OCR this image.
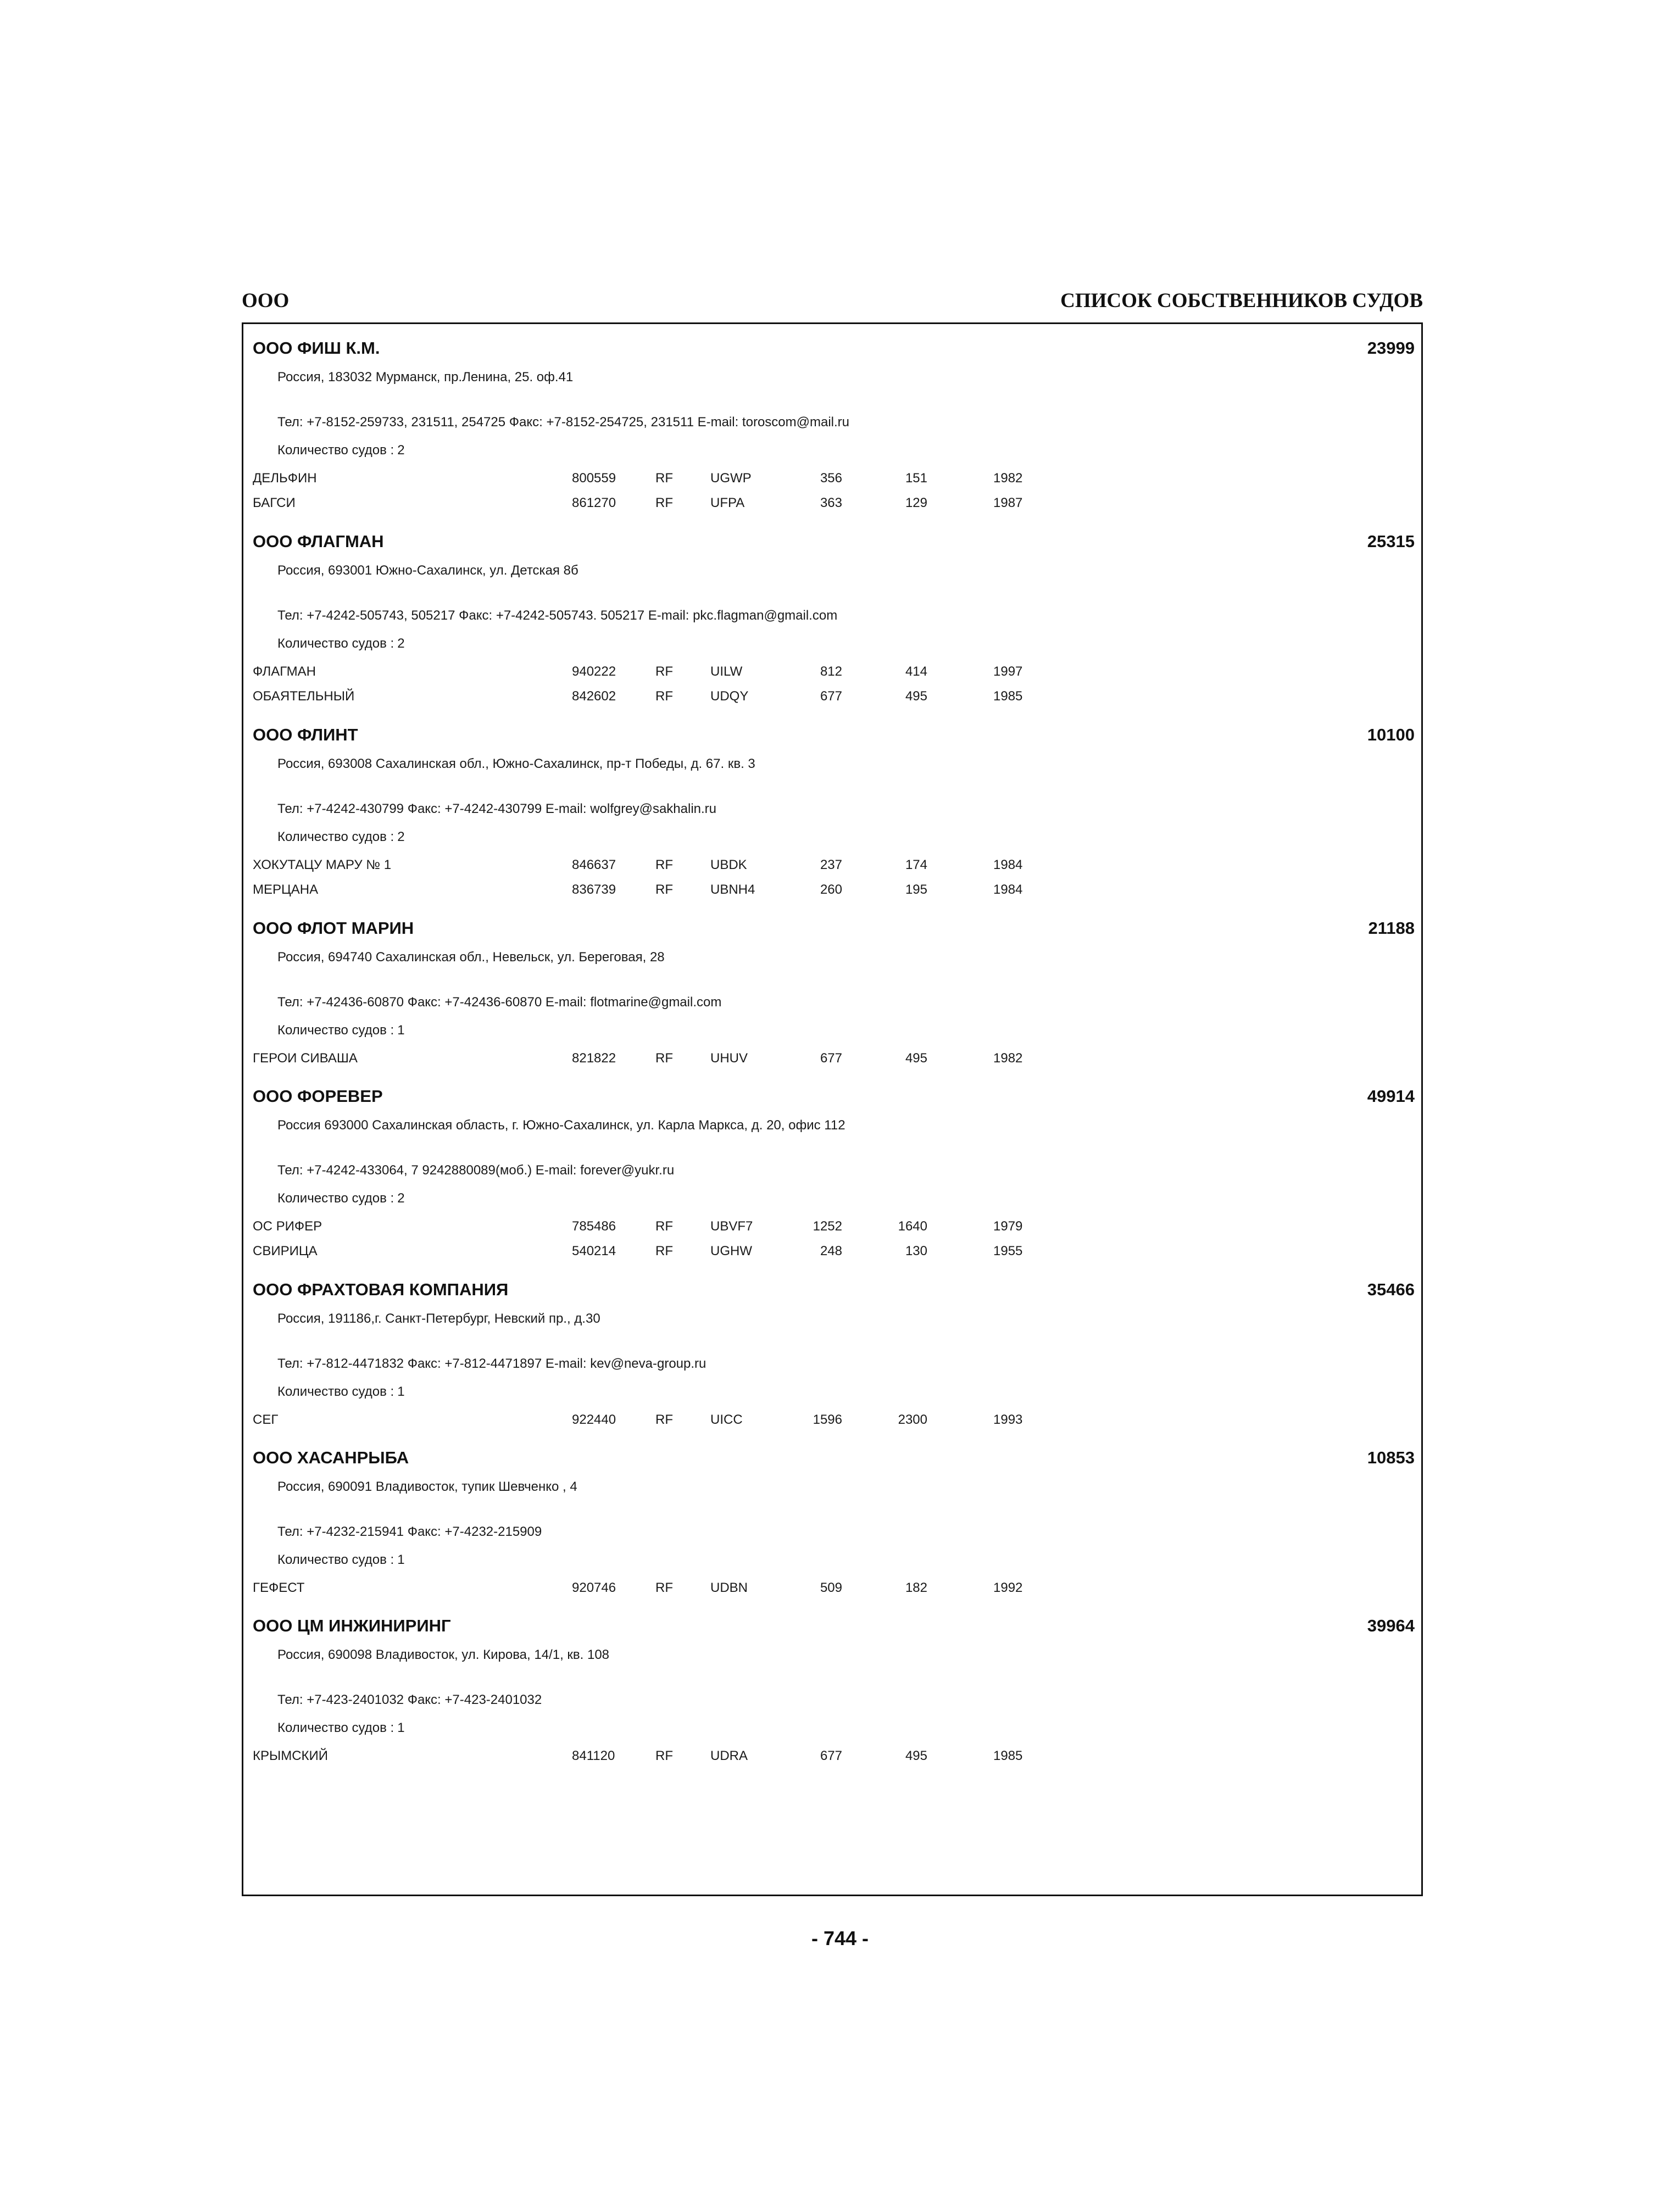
ООО	СПИСОК СОБСТВЕННИКОВ СУДОВ
ООО ФИШ К.М.	23999
Россия, 183032 Мурманск, пр.Ленина, 25. оф.41
Тел: +7-8152-259733, 231511, 254725 Факс: +7-8152-254725, 231511 E-mail: toroscom@mail.ru
Количество судов : 2
ДЕЛЬФИН	800559	RF	UGWP	356	151	1982
БАГСИ	861270	RF	UFPA	363	129	1987
ООО ФЛАГМАН	25315
Россия, 693001 Южно-Сахалинск, ул. Детская 8б
Тел: +7-4242-505743, 505217 Факс: +7-4242-505743. 505217 E-mail: pkc.flagman@gmail.com
Количество судов : 2
ФЛАГМАН	940222	RF	UILW	812	414	1997
ОБАЯТЕЛЬНЫЙ	842602	RF	UDQY	677	495	1985
ООО ФЛИНТ	10100
Россия, 693008 Сахалинская обл., Южно-Сахалинск, пр-т Победы, д. 67. кв. 3
Тел: +7-4242-430799 Факс: +7-4242-430799 E-mail: wolfgrey@sakhalin.ru
Количество судов : 2
ХОКУТАЦУ МАРУ № 1	846637	RF	UBDK	237	174	1984
МЕРЦАНА	836739	RF	UBNH4	260	195	1984
ООО ФЛОТ МАРИН	21188
Россия, 694740 Сахалинская обл., Невельск, ул. Береговая, 28
Тел: +7-42436-60870 Факс: +7-42436-60870 E-mail: flotmarine@gmail.com
Количество судов : 1
ГЕРОИ СИВАША	821822	RF	UHUV	677	495	1982
ООО ФОРЕВЕР	49914
Россия 693000 Сахалинская область, г. Южно-Сахалинск, ул. Карла Маркса, д. 20, офис 112
Тел: +7-4242-433064, 7 9242880089(моб.) E-mail: forever@yukr.ru
Количество судов : 2
ОС РИФЕР	785486	RF	UBVF7	1252	1640	1979
СВИРИЦА	540214	RF	UGHW	248	130	1955
ООО ФРАХТОВАЯ КОМПАНИЯ	35466
Россия, 191186,г. Санкт-Петербург, Невский пр., д.30
Тел: +7-812-4471832 Факс: +7-812-4471897 E-mail: kev@neva-group.ru
Количество судов : 1
СЕГ	922440	RF	UICC	1596	2300	1993
ООО ХАСАНРЫБА	10853
Россия, 690091 Владивосток, тупик Шевченко , 4
Тел: +7-4232-215941 Факс: +7-4232-215909
Количество судов : 1
ГЕФЕСТ	920746	RF	UDBN	509	182	1992
ООО ЦМ ИНЖИНИРИНГ	39964
Россия, 690098 Владивосток, ул. Кирова, 14/1, кв. 108
Тел: +7-423-2401032 Факс: +7-423-2401032
Количество судов : 1
КРЫМСКИЙ	841120	RF	UDRA	677	495	1985
- 744 -
